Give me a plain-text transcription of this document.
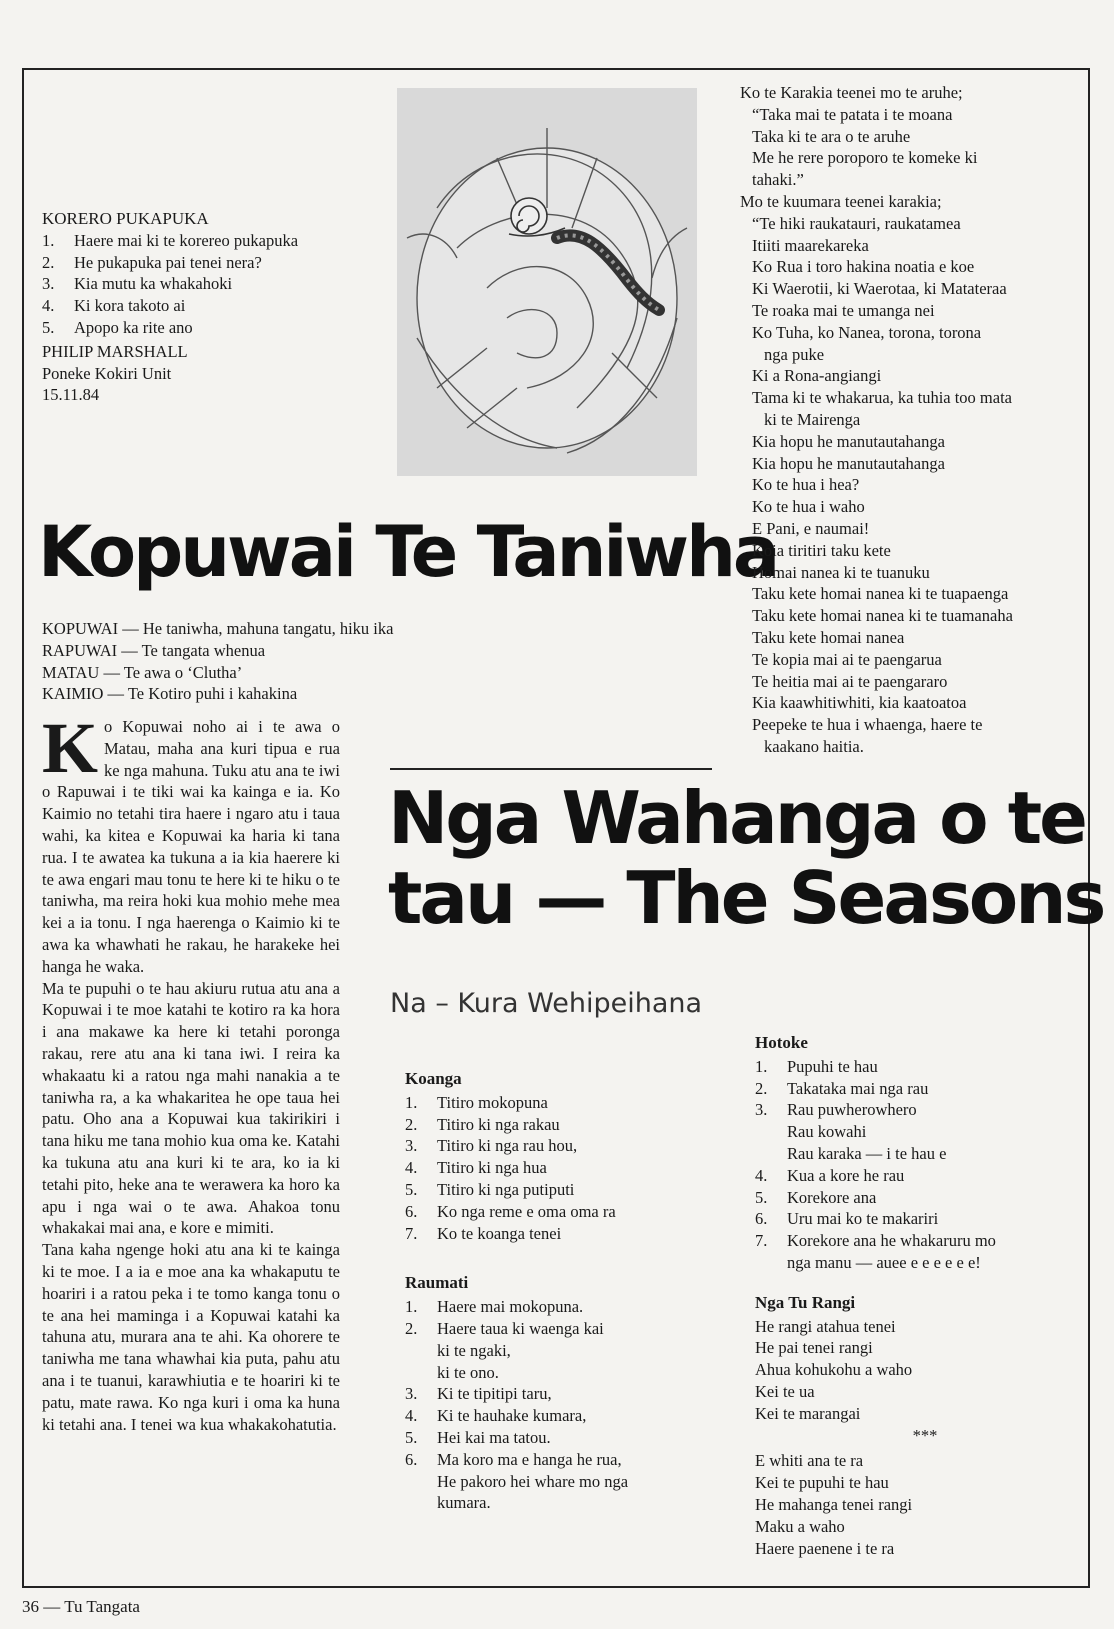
KORERO PUKAPUKA
1.	Haere mai ki te korereo pukapuka
2.	He pukapuka pai tenei nera?
3.	Kia mutu ka whakahoki
4.	Ki kora takoto ai
5.	Apopo ka rite ano
PHILIP MARSHALL
Poneke Kokiri Unit
15.11.84
Kopuwai Te Taniwha
KOPUWAI — He taniwha, mahuna tangatu, hiku ika
RAPUWAI — Te tangata whenua
MATAU — Te awa o ‘Clutha’
KAIMIO — Te Kotiro puhi i kahakina

Ko Kopuwai noho ai i te awa o Matau, maha ana kuri tipua e rua ke nga mahuna. Tuku atu ana te iwi o Rapuwai i te tiki wai ka kainga e ia. Ko Kaimio no tetahi tira haere i ngaro atu i taua wahi, ka kitea e Kopuwai ka haria ki tana rua. I te awatea ka tukuna a ia kia haerere ki te awa engari mau tonu te here ki te hiku o te taniwha, ma reira hoki kua mohio mehe mea kei a ia tonu. I nga haerenga o Kaimio ki te awa ka whawhati he rakau, he harakeke hei hanga he waka.

Ma te pupuhi o te hau akiuru rutua atu ana a Kopuwai i te moe katahi te kotiro ra ka hora i ana makawe ka here ki tetahi poronga rakau, rere atu ana ki tana iwi. I reira ka whakaatu ki a ratou nga mahi nanakia a te taniwha ra, a ka whakaritea he ope taua hei patu. Oho ana a Kopuwai kua takirikiri i tana hiku me tana mohio kua oma ke. Katahi ka tukuna atu ana kuri ki te ara, ko ia ki tetahi pito, heke ana te werawera ka horo ka apu i nga wai o te awa. Ahakoa tonu whakakai mai ana, e kore e mimiti.

Tana kaha ngenge hoki atu ana ki te kainga ki te moe. I a ia e moe ana ka whakaputu te hoariri i a ratou peka i te tomo kanga tonu o te ana hei maminga i a Kopuwai katahi ka tahuna atu, murara ana te ahi. Ka ohorere te taniwha me tana whawhai kia puta, pahu atu ana i te tuanui, karawhiutia e te hoariri ki te patu, mate rawa. Ko nga kuri i oma ka huna ki tetahi ana. I tenei wa kua whakakohatutia.

Nga Wahanga o te
tau — The Seasons
Na – Kura Wehipeihana
Koanga
1.	Titiro mokopuna
2.	Titiro ki nga rakau
3.	Titiro ki nga rau hou,
4.	Titiro ki nga hua
5.	Titiro ki nga putiputi
6.	Ko nga reme e oma oma ra
7.	Ko te koanga tenei
Raumati
1.	Haere mai mokopuna.
2.	Haere taua ki waenga kai
ki te ngaki,
ki te ono.
3.	Ki te tipitipi taru,
4.	Ki te hauhake kumara,
5.	Hei kai ma tatou.
6.	Ma koro ma e hanga he rua,
He pakoro hei whare mo nga
kumara.
Ko te Karakia teenei mo te aruhe;
“Taka mai te patata i te moana
Taka ki te ara o te aruhe
Me he rere poroporo te komeke ki
tahaki.”
Mo te kuumara teenei karakia;
“Te hiki raukatauri, raukatamea
Itiiti maarekareka
Ko Rua i toro hakina noatia e koe
Ki Waerotii, ki Waerotaa, ki Mataterаа
Te roaka mai te umanga nei
Ko Tuha, ko Nanea, torona, torona
nga puke
Ki a Rona-angiangi
Tama ki te whakarua, ka tuhia too mata
ki te Mairenga
Kia hopu he manutautahanga
Kia hopu he manutautahanga
Ko te hua i hea?
Ko te hua i waho
E Pani, e naumai!
Koia tiritiri taku kete
Homai nanea ki te tuanuku
Taku kete homai nanea ki te tuapaenga
Taku kete homai nanea ki te tuamanaha
Taku kete homai nanea
Te kopia mai ai te paengarua
Te heitia mai ai te paengararo
Kia kaawhitiwhiti, kia kaatoatoa
Peepeke te hua i whaenga, haere te
kaakano haitia.
Hotoke
1.	Pupuhi te hau
2.	Takataka mai nga rau
3.	Rau puwherowhero
Rau kowahi
Rau karaka — i te hau e
4.	Kua a kore he rau
5.	Korekore ana
6.	Uru mai ko te makariri
7.	Korekore ana he whakaruru mo
nga manu — auee e e e e e e!
Nga Tu Rangi
He rangi atahua tenei
He pai tenei rangi
Ahua kohukohu a waho
Kei te ua
Kei te marangai
***
E whiti ana te ra
Kei te pupuhi te hau
He mahanga tenei rangi
Maku a waho
Haere paenene i te ra
36 — Tu Tangata
